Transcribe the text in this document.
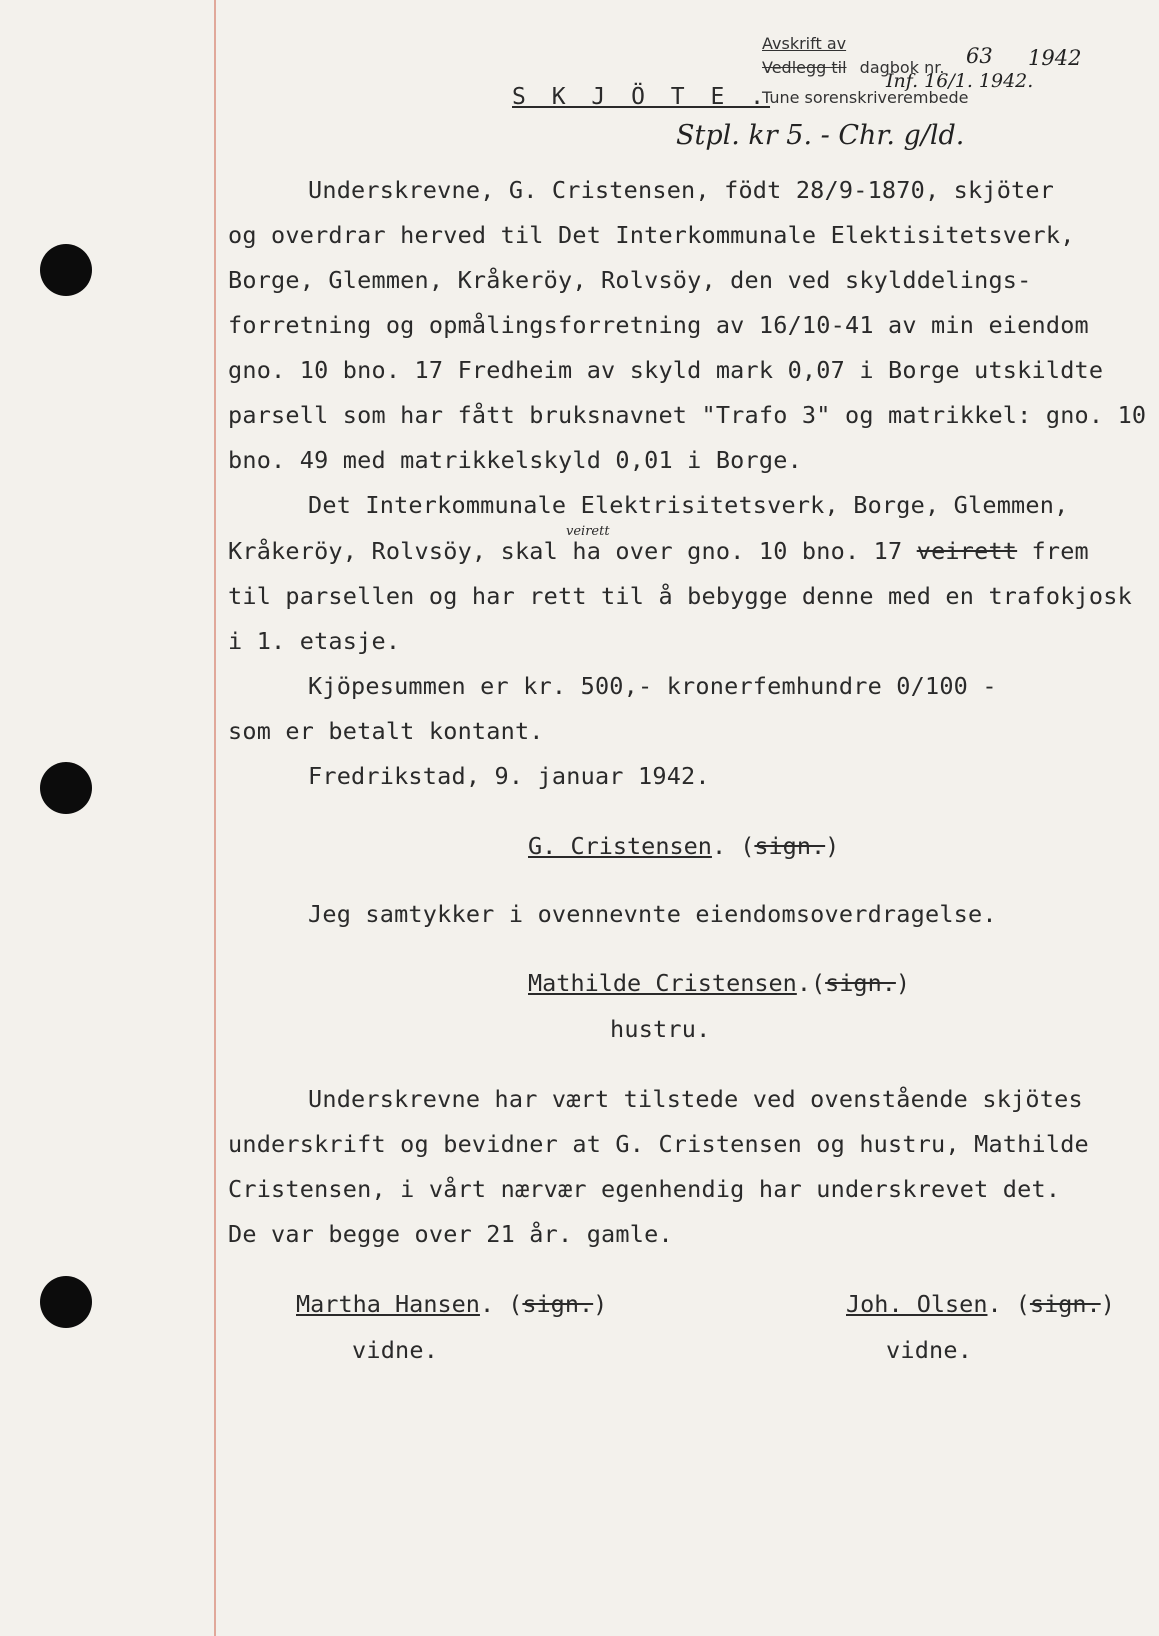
Avskrift av
Vedlegg til dagbok nr.
Tune sorenskriverembede
63 1942
Inf. 16/1. 1942.
Stpl. kr 5. - Chr. g/ld.
S K J Ö T E .
Underskrevne, G. Cristensen, födt 28/9-1870, skjöter
og overdrar herved til Det Interkommunale Elektisitetsverk,
Borge, Glemmen, Kråkeröy, Rolvsöy, den ved skylddelings-
forretning og opmålingsforretning av 16/10-41 av min eiendom
gno. 10 bno. 17 Fredheim av skyld mark 0,07 i Borge utskildte
parsell som har fått bruksnavnet "Trafo 3" og matrikkel: gno. 10
bno. 49 med matrikkelskyld 0,01 i Borge.
Det Interkommunale Elektrisitetsverk, Borge, Glemmen,
veirett
Kråkeröy, Rolvsöy, skal ha over gno. 10 bno. 17 veirett frem
til parsellen og har rett til å bebygge denne med en trafokjosk
i 1. etasje.
Kjöpesummen er kr. 500,- kronerfemhundre 0/100 -
som er betalt kontant.
Fredrikstad, 9. januar 1942.
G. Cristensen. (sign.)
Jeg samtykker i ovennevnte eiendomsoverdragelse.
Mathilde Cristensen.(sign.)
hustru.
Underskrevne har vært tilstede ved ovenstående skjötes
underskrift og bevidner at G. Cristensen og hustru, Mathilde
Cristensen, i vårt nærvær egenhendig har underskrevet det.
De var begge over 21 år. gamle.
Martha Hansen. (sign.)
vidne.
Joh. Olsen. (sign.)
vidne.
